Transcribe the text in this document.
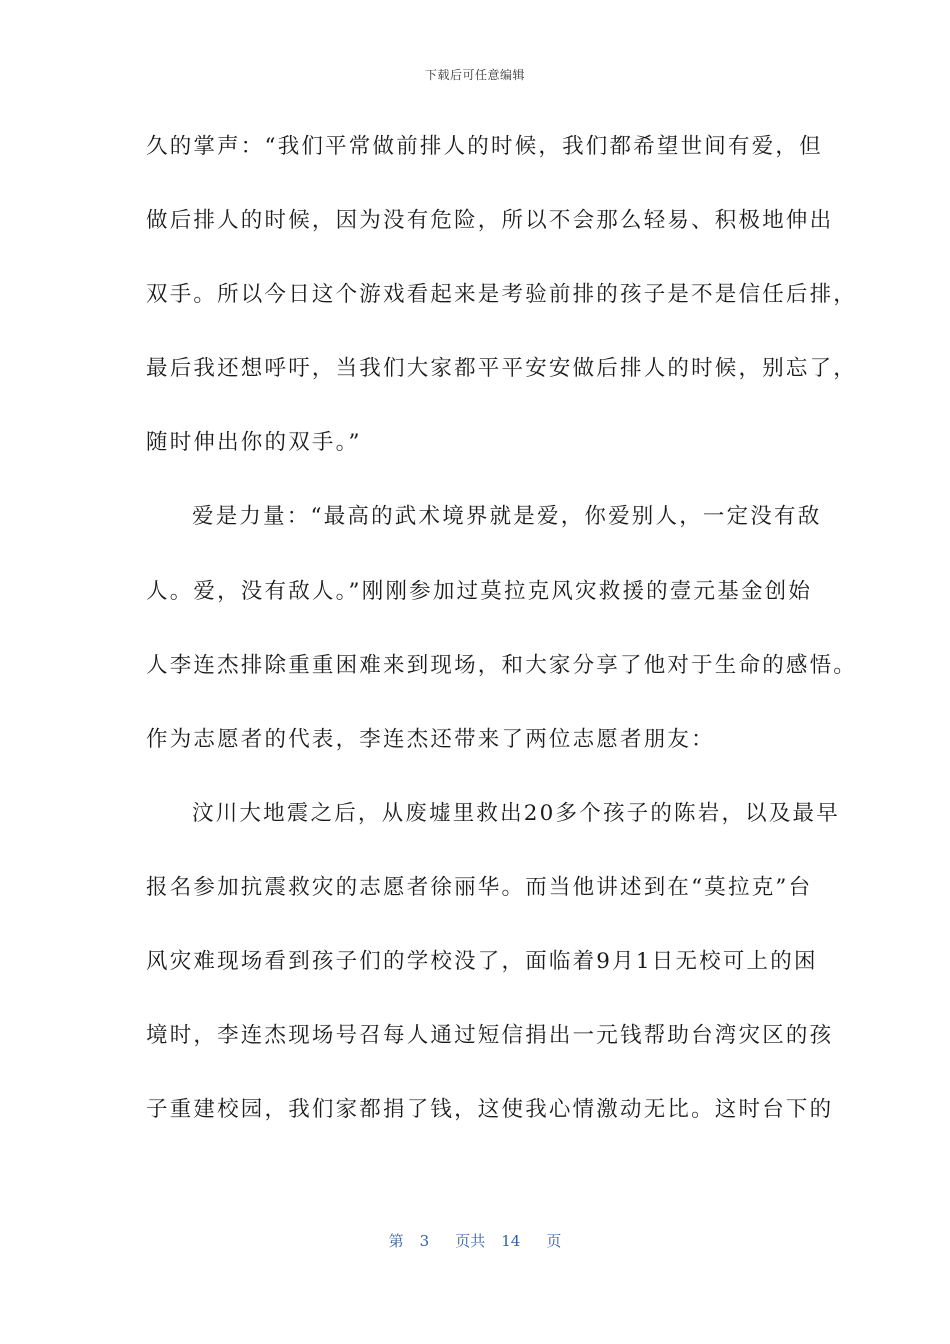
下载后可任意编辑
久的掌声：“我们平常做前排人的时候，我们都希望世间有爱，但
做后排人的时候，因为没有危险，所以不会那么轻易、积极地伸出
双手。所以今日这个游戏看起来是考验前排的孩子是不是信任后排，
最后我还想呼吁，当我们大家都平平安安做后排人的时候，别忘了，
随时伸出你的双手。”
爱是力量：“最高的武术境界就是爱，你爱别人，一定没有敌
人。爱，没有敌人。”刚刚参加过莫拉克风灾救援的壹元基金创始
人李连杰排除重重困难来到现场，和大家分享了他对于生命的感悟。
作为志愿者的代表，李连杰还带来了两位志愿者朋友：
汶川大地震之后，从废墟里救出20多个孩子的陈岩，以及最早
报名参加抗震救灾的志愿者徐丽华。而当他讲述到在“莫拉克”台
风灾难现场看到孩子们的学校没了，面临着9月1日无校可上的困
境时，李连杰现场号召每人通过短信捐出一元钱帮助台湾灾区的孩
子重建校园，我们家都捐了钱，这使我心情激动无比。这时台下的
第 3 页共 14 页
